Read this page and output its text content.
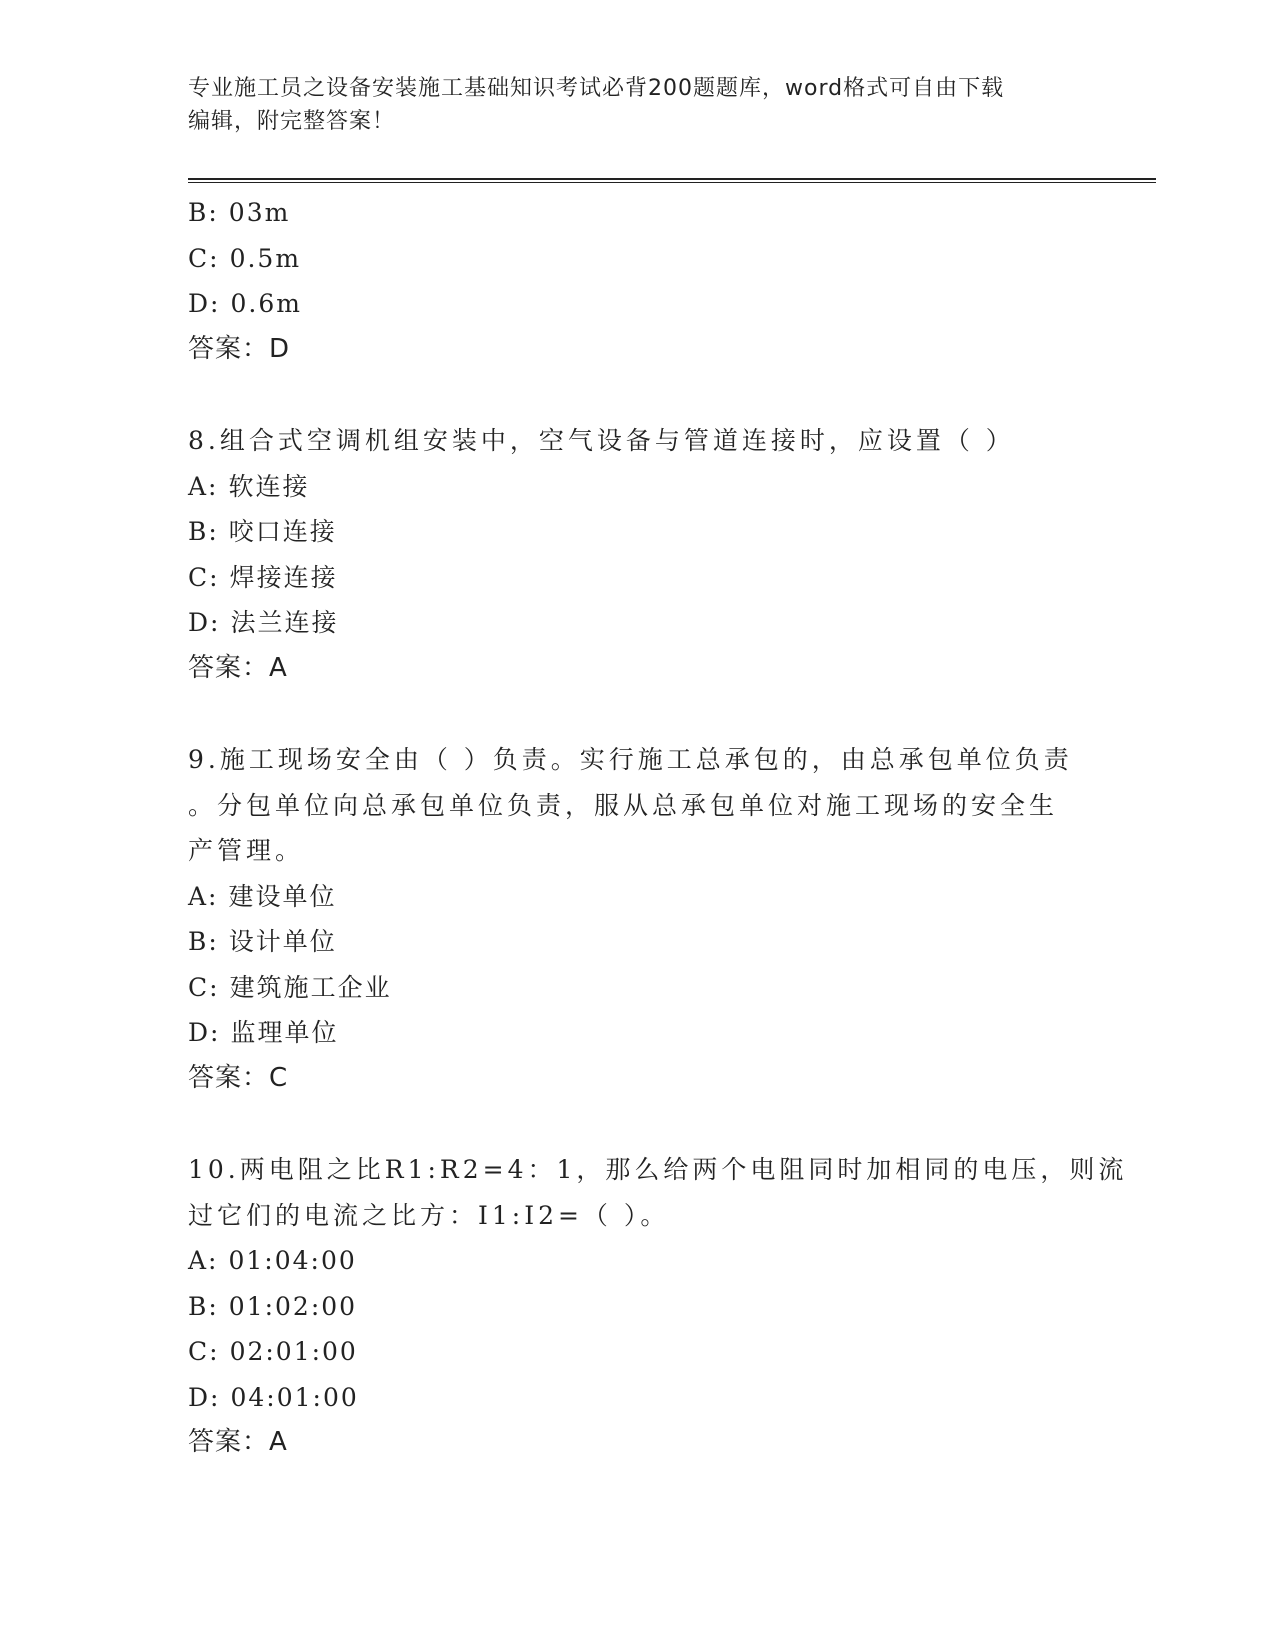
专业施工员之设备安装施工基础知识考试必背200题题库，word格式可自由下载
编辑，附完整答案！
B: 03m
C: 0.5m
D: 0.6m
答案：D
8.组合式空调机组安装中，空气设备与管道连接时，应设置（ ）
A: 软连接
B: 咬口连接
C: 焊接连接
D: 法兰连接
答案：A
9.施工现场安全由（ ）负责。实行施工总承包的，由总承包单位负责
。分包单位向总承包单位负责，服从总承包单位对施工现场的安全生
产管理。
A: 建设单位
B: 设计单位
C: 建筑施工企业
D: 监理单位
答案：C
10.两电阻之比R1:R2=4：1，那么给两个电阻同时加相同的电压，则流
过它们的电流之比方：I1:I2=（ ）。
A: 01:04:00
B: 01:02:00
C: 02:01:00
D: 04:01:00
答案：A
